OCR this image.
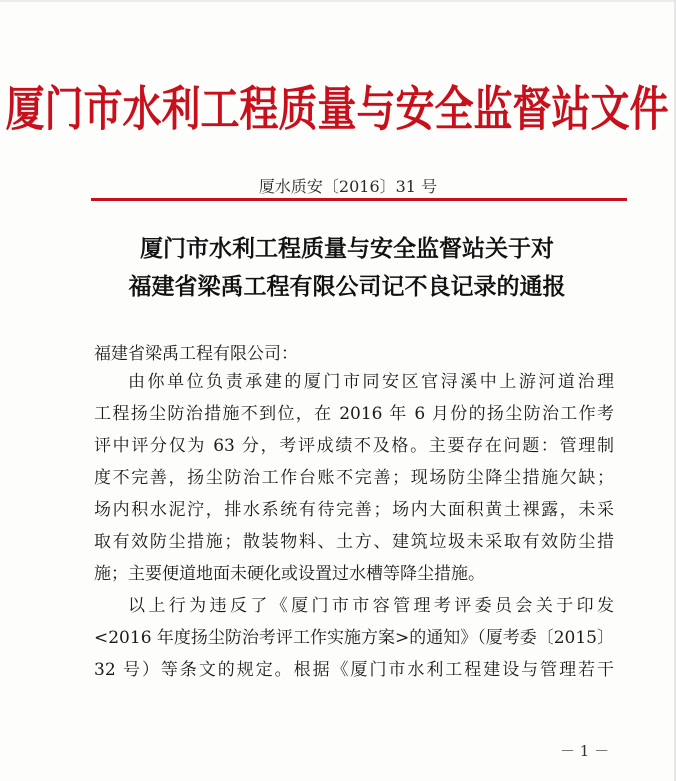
厦门市水利工程质量与安全监督站文件
厦水质安〔2016〕31 号
厦门市水利工程质量与安全监督站关于对
福建省梁禹工程有限公司记不良记录的通报
福建省梁禹工程有限公司：
由你单位负责承建的厦门市同安区官浔溪中上游河道治理
工程扬尘防治措施不到位，在 2016 年 6 月份的扬尘防治工作考
评中评分仅为 63 分，考评成绩不及格。主要存在问题：管理制
度不完善，扬尘防治工作台账不完善；现场防尘降尘措施欠缺；
场内积水泥泞，排水系统有待完善；场内大面积黄土裸露，未采
取有效防尘措施；散装物料、土方、建筑垃圾未采取有效防尘措
施；主要便道地面未硬化或设置过水槽等降尘措施。
以上行为违反了《厦门市市容管理考评委员会关于印发
<2016 年度扬尘防治考评工作实施方案>的通知》（厦考委〔2015〕
32 号）等条文的规定。根据《厦门市水利工程建设与管理若干
－ 1 －
